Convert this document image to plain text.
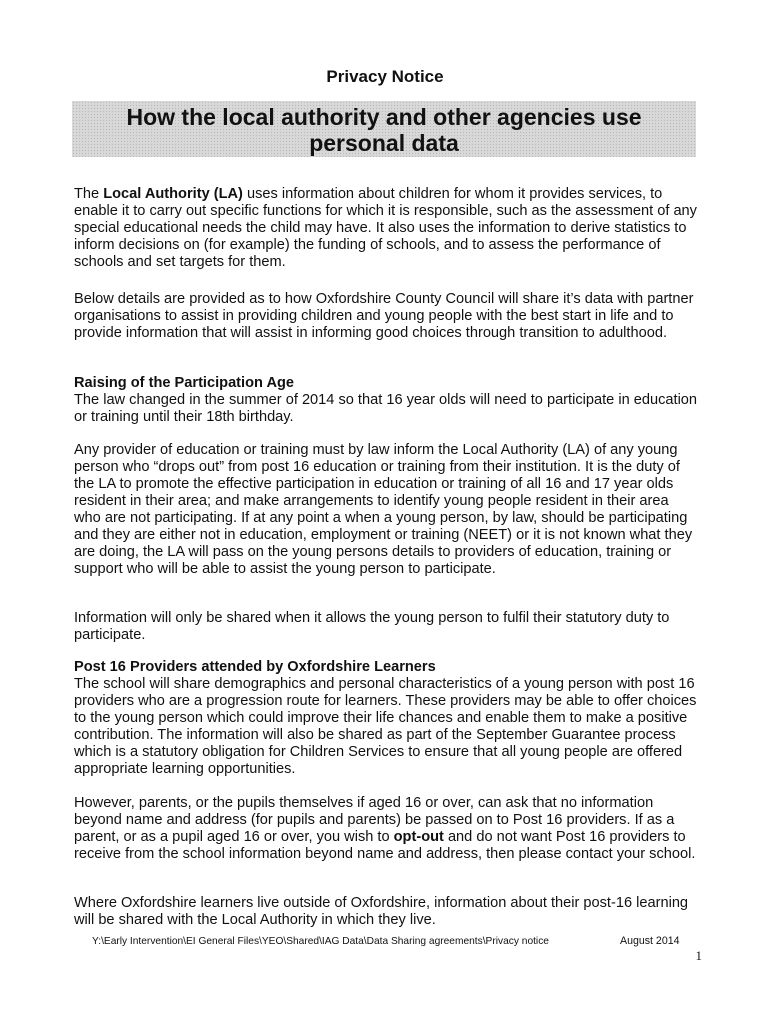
Privacy Notice
How the local authority and other agencies use
personal data

The Local Authority (LA) uses information about children for whom it provides services, to enable it to carry out specific functions for which it is responsible, such as the assessment of any special educational needs the child may have. It also uses the information to derive statistics to inform decisions on (for example) the funding of schools, and to assess the performance of schools and set targets for them.

Below details are provided as to how Oxfordshire County Council will share it’s data with partner organisations to assist in providing children and young people with the best start in life and to provide information that will assist in informing good choices through transition to adulthood.

Raising of the Participation Age
The law changed in the summer of 2014 so that 16 year olds will need to participate in education or training until their 18th birthday.

Any provider of education or training must by law inform the Local Authority (LA) of any young person who “drops out” from post 16 education or training from their institution. It is the duty of the LA to promote the effective participation in education or training of all 16 and 17 year olds resident in their area; and make arrangements to identify young people resident in their area who are not participating. If at any point a when a young person, by law, should be participating and they are either not in education, employment or training (NEET) or it is not known what they are doing, the LA will pass on the young persons details to providers of education, training or support who will be able to assist the young person to participate.

Information will only be shared when it allows the young person to fulfil their statutory duty to participate.

Post 16 Providers attended by Oxfordshire Learners
The school will share demographics and personal characteristics of a young person with post 16 providers who are a progression route for learners. These providers may be able to offer choices to the young person which could improve their life chances and enable them to make a positive contribution. The information will also be shared as part of the September Guarantee process which is a statutory obligation for Children Services to ensure that all young people are offered appropriate learning opportunities.

However, parents, or the pupils themselves if aged 16 or over, can ask that no information beyond name and address (for pupils and parents) be passed on to Post 16 providers. If as a parent, or as a pupil aged 16 or over, you wish to opt-out and do not want Post 16 providers to receive from the school information beyond name and address, then please contact your school.

Where Oxfordshire learners live outside of Oxfordshire, information about their post-16 learning will be shared with the Local Authority in which they live.

Y:\Early Intervention\EI General Files\YEO\Shared\IAG Data\Data Sharing agreements\Privacy notice	August 2014
1
